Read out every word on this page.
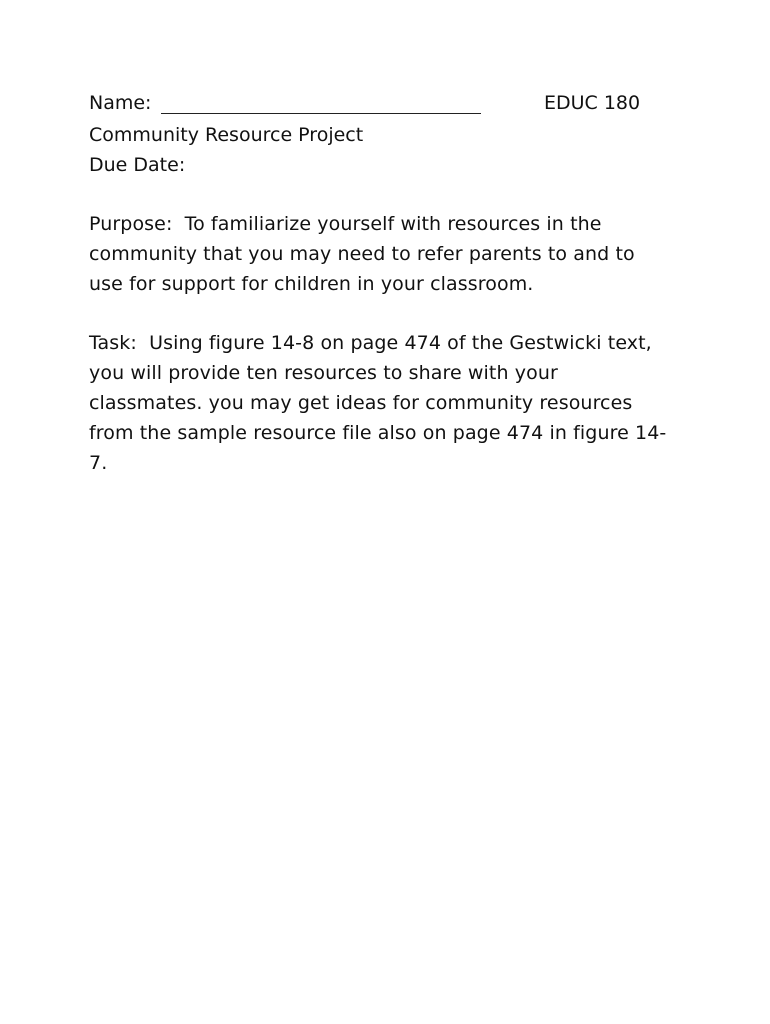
Name:	EDUC 180
Community Resource Project
Due Date:
Purpose: To familiarize yourself with resources in the community that you may need to refer parents to and to use for support for children in your classroom.
Task: Using figure 14-8 on page 474 of the Gestwicki text, you will provide ten resources to share with your classmates. you may get ideas for community resources from the sample resource file also on page 474 in figure 14-7.
